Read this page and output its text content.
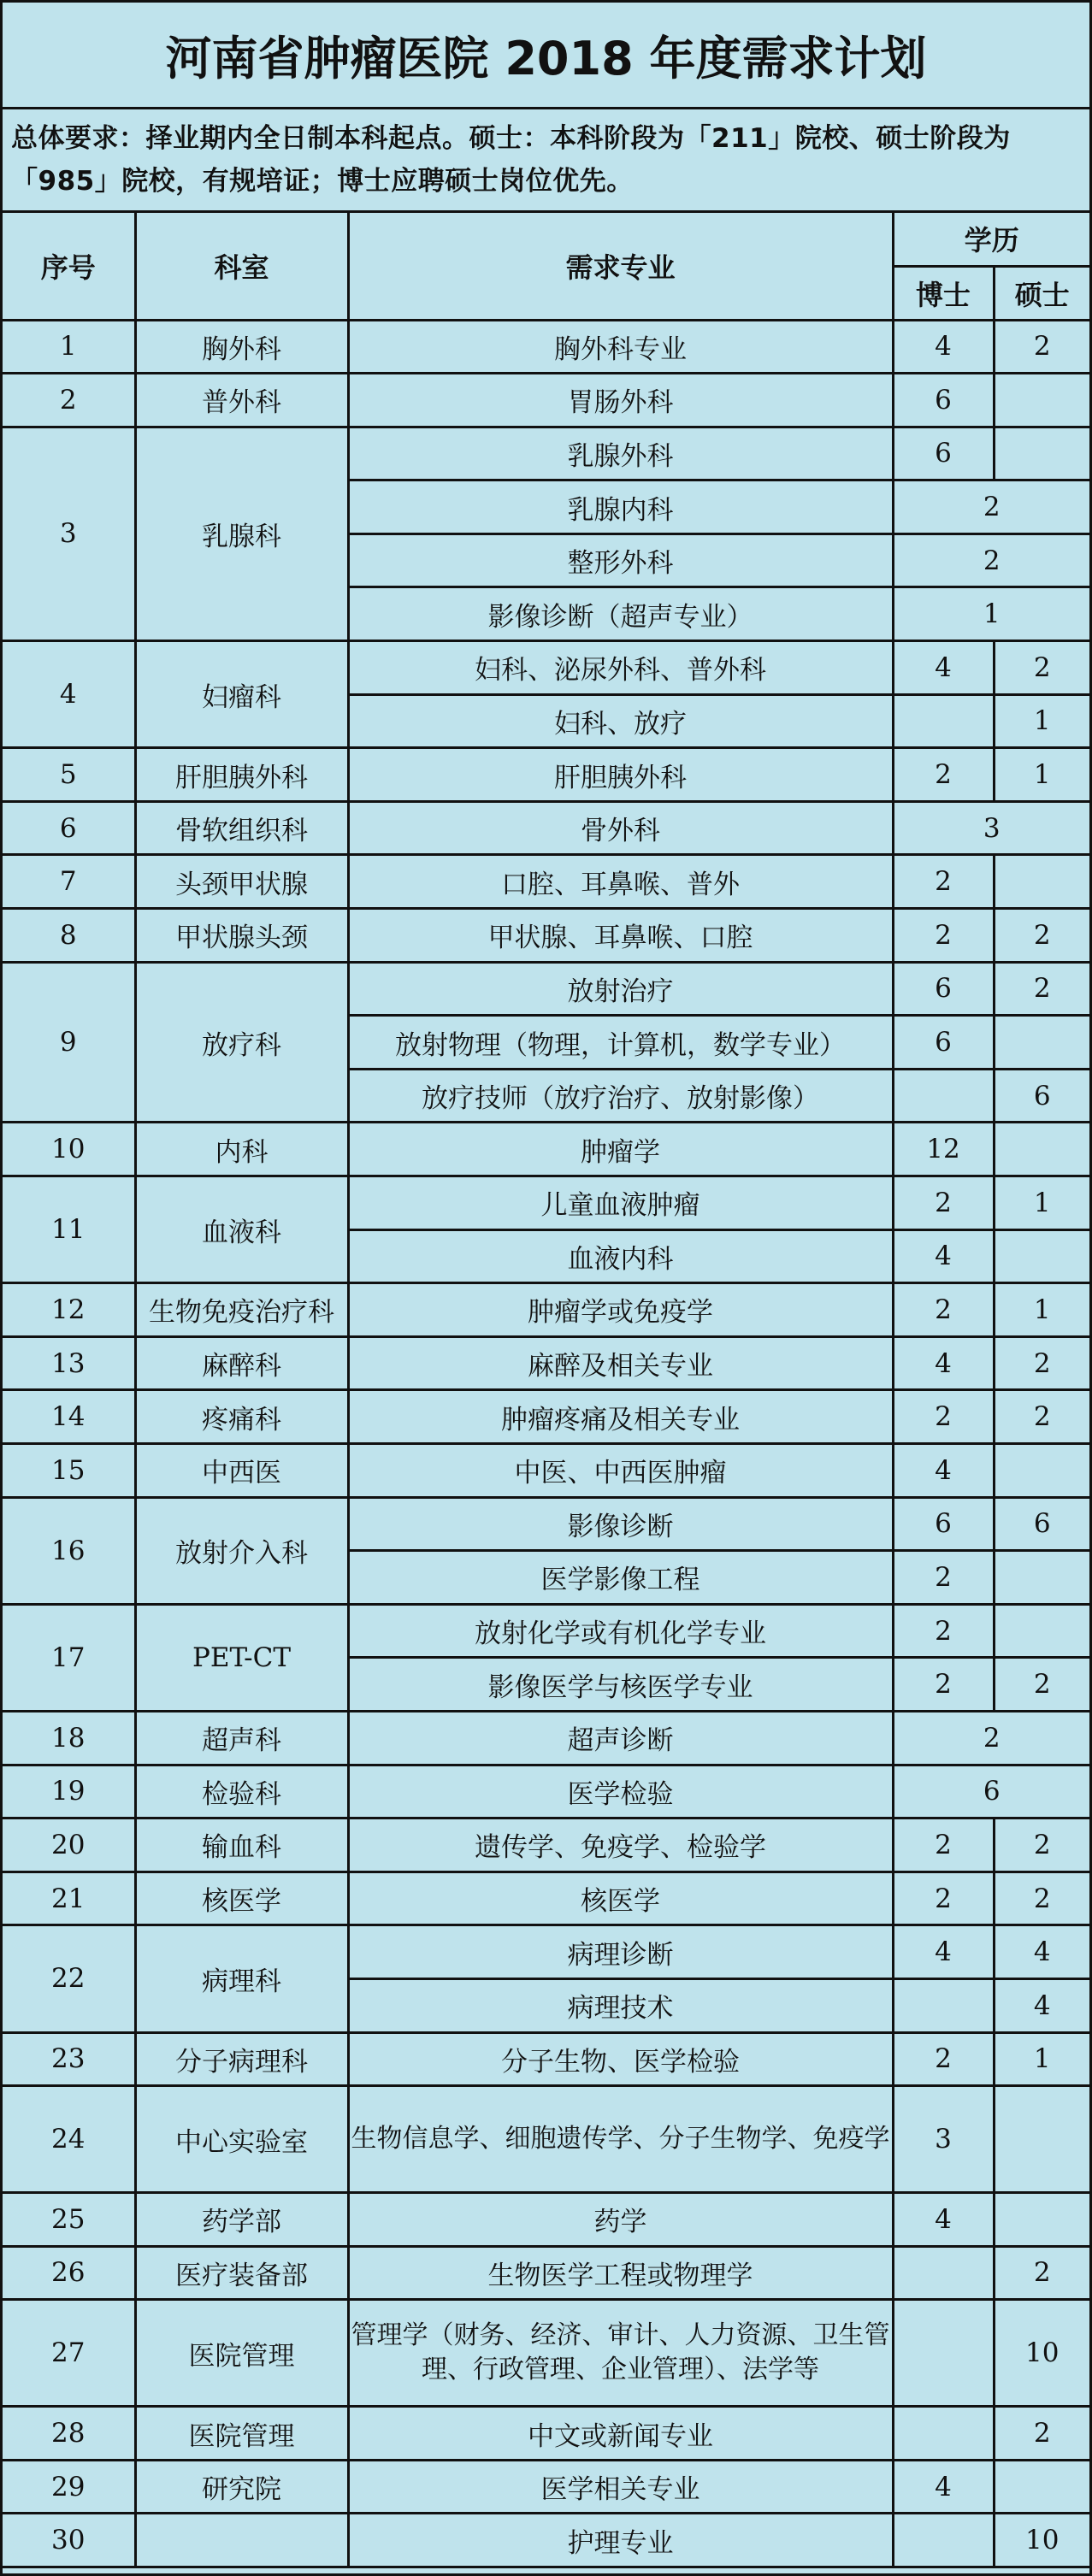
河南省肿瘤医院 2018 年度需求计划
总体要求：择业期内全日制本科起点。硕士：本科阶段为「211」院校、硕士阶段为「985」院校，有规培证；博士应聘硕士岗位优先。
序号	科室	需求专业	学历	
			博士	硕士
1	胸外科	胸外科专业	4	2
2	普外科	胃肠外科	6	
3	乳腺科	乳腺外科	6	
		乳腺内科	2	
		整形外科	2	
		影像诊断（超声专业）	1	
4	妇瘤科	妇科、泌尿外科、普外科	4	2
		妇科、放疗		1
5	肝胆胰外科	肝胆胰外科	2	1
6	骨软组织科	骨外科	3	
7	头颈甲状腺	口腔、耳鼻喉、普外	2	
8	甲状腺头颈	甲状腺、耳鼻喉、口腔	2	2
9	放疗科	放射治疗	6	2
		放射物理（物理，计算机，数学专业）	6	
		放疗技师（放疗治疗、放射影像）		6
10	内科	肿瘤学	12	
11	血液科	儿童血液肿瘤	2	1
		血液内科	4	
12	生物免疫治疗科	肿瘤学或免疫学	2	1
13	麻醉科	麻醉及相关专业	4	2
14	疼痛科	肿瘤疼痛及相关专业	2	2
15	中西医	中医、中西医肿瘤	4	
16	放射介入科	影像诊断	6	6
		医学影像工程	2	
17	PET-CT	放射化学或有机化学专业	2	
		影像医学与核医学专业	2	2
18	超声科	超声诊断	2	
19	检验科	医学检验	6	
20	输血科	遗传学、免疫学、检验学	2	2
21	核医学	核医学	2	2
22	病理科	病理诊断	4	4
		病理技术		4
23	分子病理科	分子生物、医学检验	2	1
24	中心实验室	生物信息学、细胞遗传学、分子生物学、免疫学	3	
25	药学部	药学	4	
26	医疗装备部	生物医学工程或物理学		2
27	医院管理	管理学（财务、经济、审计、人力资源、卫生管理、行政管理、企业管理）、法学等		10
28	医院管理	中文或新闻专业		2
29	研究院	医学相关专业	4	
30		护理专业		10
